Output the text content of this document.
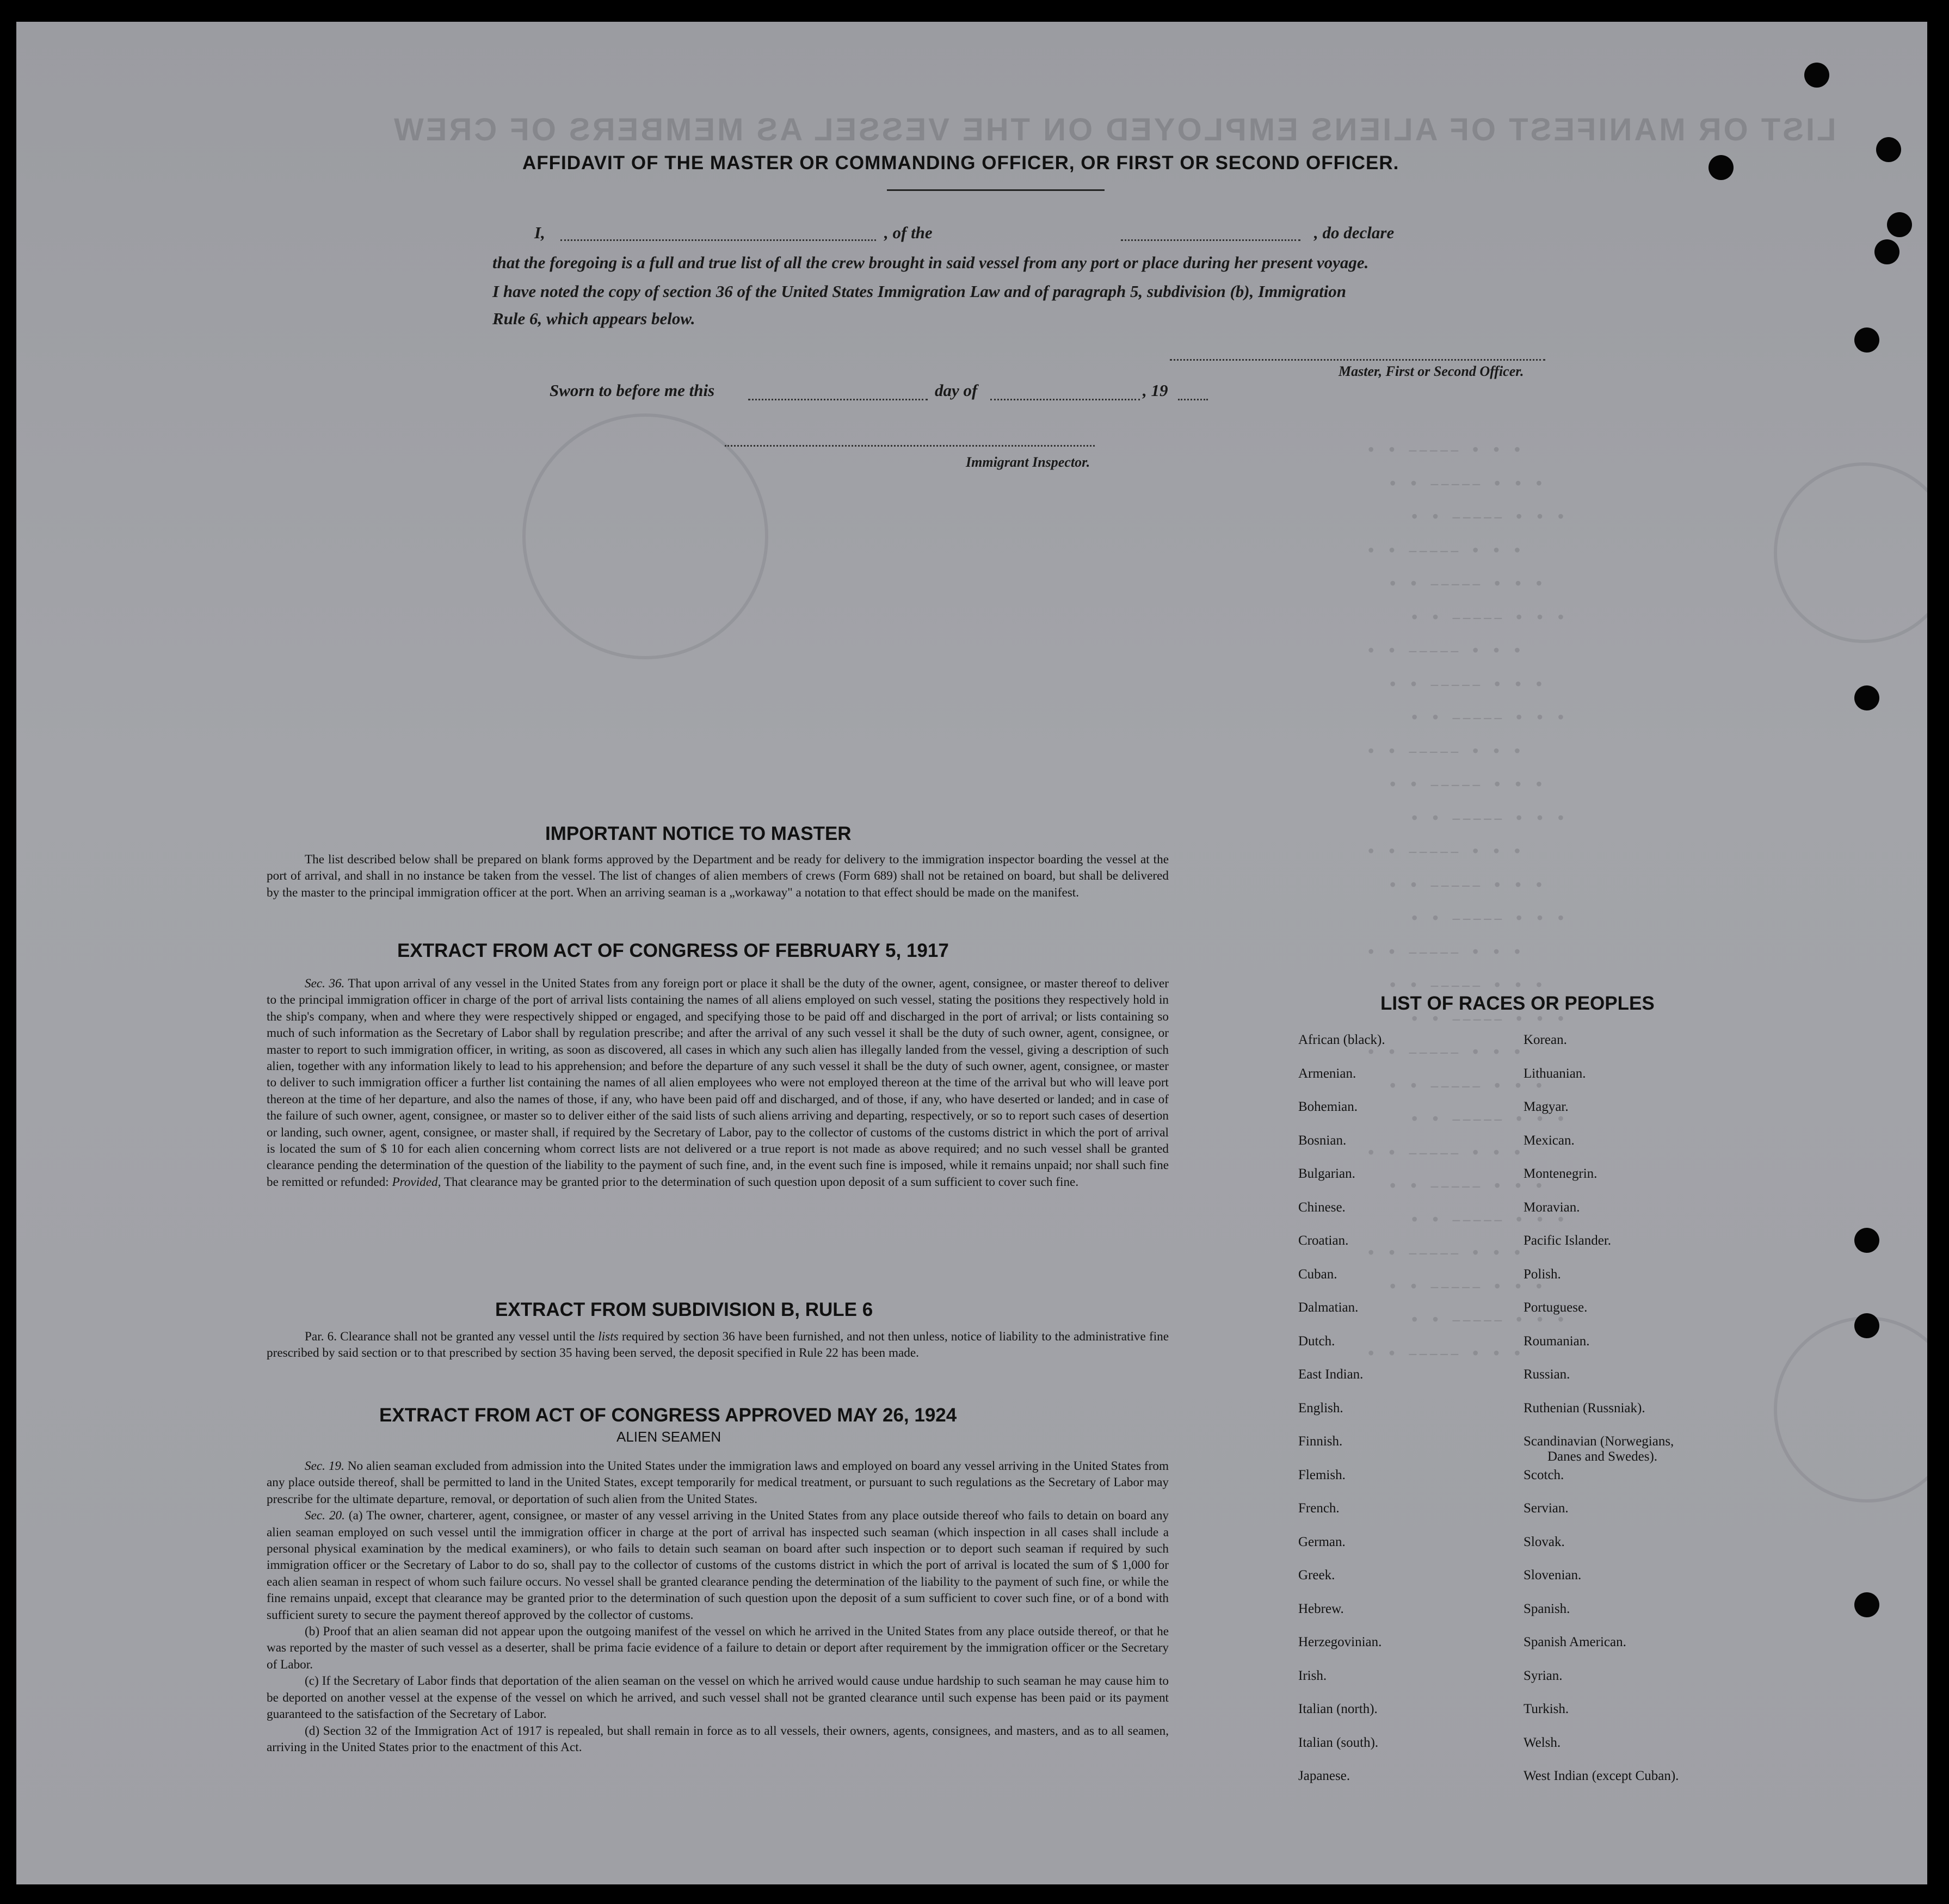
LIST OR MANIFEST OF ALIENS EMPLOYED ON THE VESSEL AS MEMBERS OF CREW
• • • ––––– • •
• • • ––––– • •
• • • ––––– • •
• • • ––––– • •
• • • ––––– • •
• • • ––––– • •
• • • ––––– • •
• • • ––––– • •
• • • ––––– • •
• • • ––––– • •
• • • ––––– • •
• • • ––––– • •
• • • ––––– • •
• • • ––––– • •
• • • ––––– • •
• • • ––––– • •
• • • ––––– • •
• • • ––––– • •
• • • ––––– • •
• • • ––––– • •
• • • ––––– • •
• • • ––––– • •
• • • ––––– • •
• • • ––––– • •
• • • ––––– • •
• • • ––––– • •
• • • ––––– • •
• • • ––––– • •
AFFIDAVIT OF THE MASTER OR COMMANDING OFFICER, OR FIRST OR SECOND OFFICER.
I,	, of the	, do declare
that the foregoing is a full and true list of all the crew brought in said vessel from any port or place during her present voyage.
I have noted the copy of section 36 of the United States Immigration Law and of paragraph 5, subdivision (b), Immigration
Rule 6, which appears below.
Master, First or Second Officer.
Sworn to before me this	day of	, 19
Immigrant Inspector.
IMPORTANT NOTICE TO MASTER

The list described below shall be prepared on blank forms approved by the Department and be ready for delivery to the immigration inspector boarding the vessel at the port of arrival, and shall in no instance be taken from the vessel. The list of changes of alien members of crews (Form 689) shall not be retained on board, but shall be delivered by the master to the principal immigration officer at the port. When an arriving seaman is a „workaway" a notation to that effect should be made on the manifest.

EXTRACT FROM ACT OF CONGRESS OF FEBRUARY 5, 1917

Sec. 36. That upon arrival of any vessel in the United States from any foreign port or place it shall be the duty of the owner, agent, consignee, or master thereof to deliver to the principal immigration officer in charge of the port of arrival lists containing the names of all aliens employed on such vessel, stating the positions they respectively hold in the ship's company, when and where they were respectively shipped or engaged, and specifying those to be paid off and discharged in the port of arrival; or lists containing so much of such information as the Secretary of Labor shall by regulation prescribe; and after the arrival of any such vessel it shall be the duty of such owner, agent, consignee, or master to report to such immigration officer, in writing, as soon as discovered, all cases in which any such alien has illegally landed from the vessel, giving a description of such alien, together with any information likely to lead to his apprehension; and before the departure of any such vessel it shall be the duty of such owner, agent, consignee, or master to deliver to such immigration officer a further list containing the names of all alien employees who were not employed thereon at the time of the arrival but who will leave port thereon at the time of her departure, and also the names of those, if any, who have been paid off and discharged, and of those, if any, who have deserted or landed; and in case of the failure of such owner, agent, consignee, or master so to deliver either of the said lists of such aliens arriving and departing, respectively, or so to report such cases of desertion or landing, such owner, agent, consignee, or master shall, if required by the Secretary of Labor, pay to the collector of customs of the customs district in which the port of arrival is located the sum of $ 10 for each alien concerning whom correct lists are not delivered or a true report is not made as above required; and no such vessel shall be granted clearance pending the determination of the question of the liability to the payment of such fine, and, in the event such fine is imposed, while it remains unpaid; nor shall such fine be remitted or refunded: Provided, That clearance may be granted prior to the determination of such question upon deposit of a sum sufficient to cover such fine.

EXTRACT FROM SUBDIVISION B, RULE 6

Par. 6. Clearance shall not be granted any vessel until the lists required by section 36 have been furnished, and not then unless, notice of liability to the administrative fine prescribed by said section or to that prescribed by section 35 having been served, the deposit specified in Rule 22 has been made.

EXTRACT FROM ACT OF CONGRESS APPROVED MAY 26, 1924
ALIEN SEAMEN

Sec. 19. No alien seaman excluded from admission into the United States under the immigration laws and employed on board any vessel arriving in the United States from any place outside thereof, shall be permitted to land in the United States, except temporarily for medical treatment, or pursuant to such regulations as the Secretary of Labor may prescribe for the ultimate departure, removal, or deportation of such alien from the United States.

Sec. 20. (a) The owner, charterer, agent, consignee, or master of any vessel arriving in the United States from any place outside thereof who fails to detain on board any alien seaman employed on such vessel until the immigration officer in charge at the port of arrival has inspected such seaman (which inspection in all cases shall include a personal physical examination by the medical examiners), or who fails to detain such seaman on board after such inspection or to deport such seaman if required by such immigration officer or the Secretary of Labor to do so, shall pay to the collector of customs of the customs district in which the port of arrival is located the sum of $ 1,000 for each alien seaman in respect of whom such failure occurs. No vessel shall be granted clearance pending the determination of the liability to the payment of such fine, or while the fine remains unpaid, except that clearance may be granted prior to the determination of such question upon the deposit of a sum sufficient to cover such fine, or of a bond with sufficient surety to secure the payment thereof approved by the collector of customs.

(b) Proof that an alien seaman did not appear upon the outgoing manifest of the vessel on which he arrived in the United States from any place outside thereof, or that he was reported by the master of such vessel as a deserter, shall be prima facie evidence of a failure to detain or deport after requirement by the immigration officer or the Secretary of Labor.

(c) If the Secretary of Labor finds that deportation of the alien seaman on the vessel on which he arrived would cause undue hardship to such seaman he may cause him to be deported on another vessel at the expense of the vessel on which he arrived, and such vessel shall not be granted clearance until such expense has been paid or its payment guaranteed to the satisfaction of the Secretary of Labor.

(d) Section 32 of the Immigration Act of 1917 is repealed, but shall remain in force as to all vessels, their owners, agents, consignees, and masters, and as to all seamen, arriving in the United States prior to the enactment of this Act.

LIST OF RACES OR PEOPLES
African (black).
Armenian.
Bohemian.
Bosnian.
Bulgarian.
Chinese.
Croatian.
Cuban.
Dalmatian.
Dutch.
East Indian.
English.
Finnish.
Flemish.
French.
German.
Greek.
Hebrew.
Herzegovinian.
Irish.
Italian (north).
Italian (south).
Japanese.
Korean.
Lithuanian.
Magyar.
Mexican.
Montenegrin.
Moravian.
Pacific Islander.
Polish.
Portuguese.
Roumanian.
Russian.
Ruthenian (Russniak).
Scandinavian (Norwegians,
Danes and Swedes).
Scotch.
Servian.
Slovak.
Slovenian.
Spanish.
Spanish American.
Syrian.
Turkish.
Welsh.
West Indian (except Cuban).
